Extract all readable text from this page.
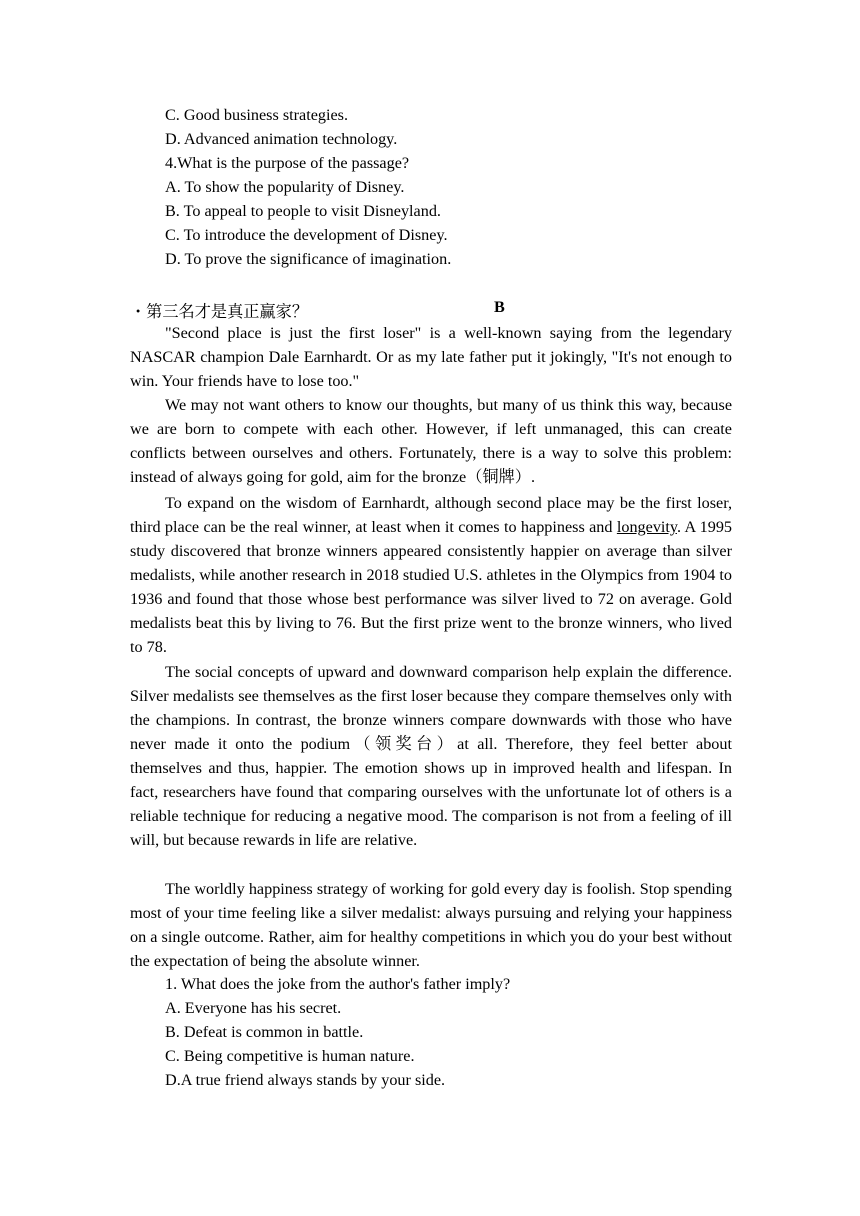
C. Good business strategies.
D. Advanced animation technology.
4.What is the purpose of the passage?
A. To show the popularity of Disney.
B. To appeal to people to visit Disneyland.
C. To introduce the development of Disney.
D. To prove the significance of imagination.
・第三名才是真正赢家？	B
"Second place is just the first loser" is a well-known saying from the legendary NASCAR champion Dale Earnhardt. Or as my late father put it jokingly, "It's not enough to win. Your friends have to lose too."
We may not want others to know our thoughts, but many of us think this way, because we are born to compete with each other. However, if left unmanaged, this can create conflicts between ourselves and others. Fortunately, there is a way to solve this problem: instead of always going for gold, aim for the bronze（铜牌）.
To expand on the wisdom of Earnhardt, although second place may be the first loser, third place can be the real winner, at least when it comes to happiness and longevity. A 1995 study discovered that bronze winners appeared consistently happier on average than silver medalists, while another research in 2018 studied U.S. athletes in the Olympics from 1904 to 1936 and found that those whose best performance was silver lived to 72 on average. Gold medalists beat this by living to 76. But the first prize went to the bronze winners, who lived to 78.
The social concepts of upward and downward comparison help explain the difference. Silver medalists see themselves as the first loser because they compare themselves only with the champions. In contrast, the bronze winners compare downwards with those who have never made it onto the podium（领奖台）at all. Therefore, they feel better about themselves and thus, happier. The emotion shows up in improved health and lifespan. In fact, researchers have found that comparing ourselves with the unfortunate lot of others is a reliable technique for reducing a negative mood. The comparison is not from a feeling of ill will, but because rewards in life are relative.
The worldly happiness strategy of working for gold every day is foolish. Stop spending most of your time feeling like a silver medalist: always pursuing and relying your happiness on a single outcome. Rather, aim for healthy competitions in which you do your best without the expectation of being the absolute winner.
1. What does the joke from the author's father imply?
A. Everyone has his secret.
B. Defeat is common in battle.
C. Being competitive is human nature.
D.A true friend always stands by your side.
